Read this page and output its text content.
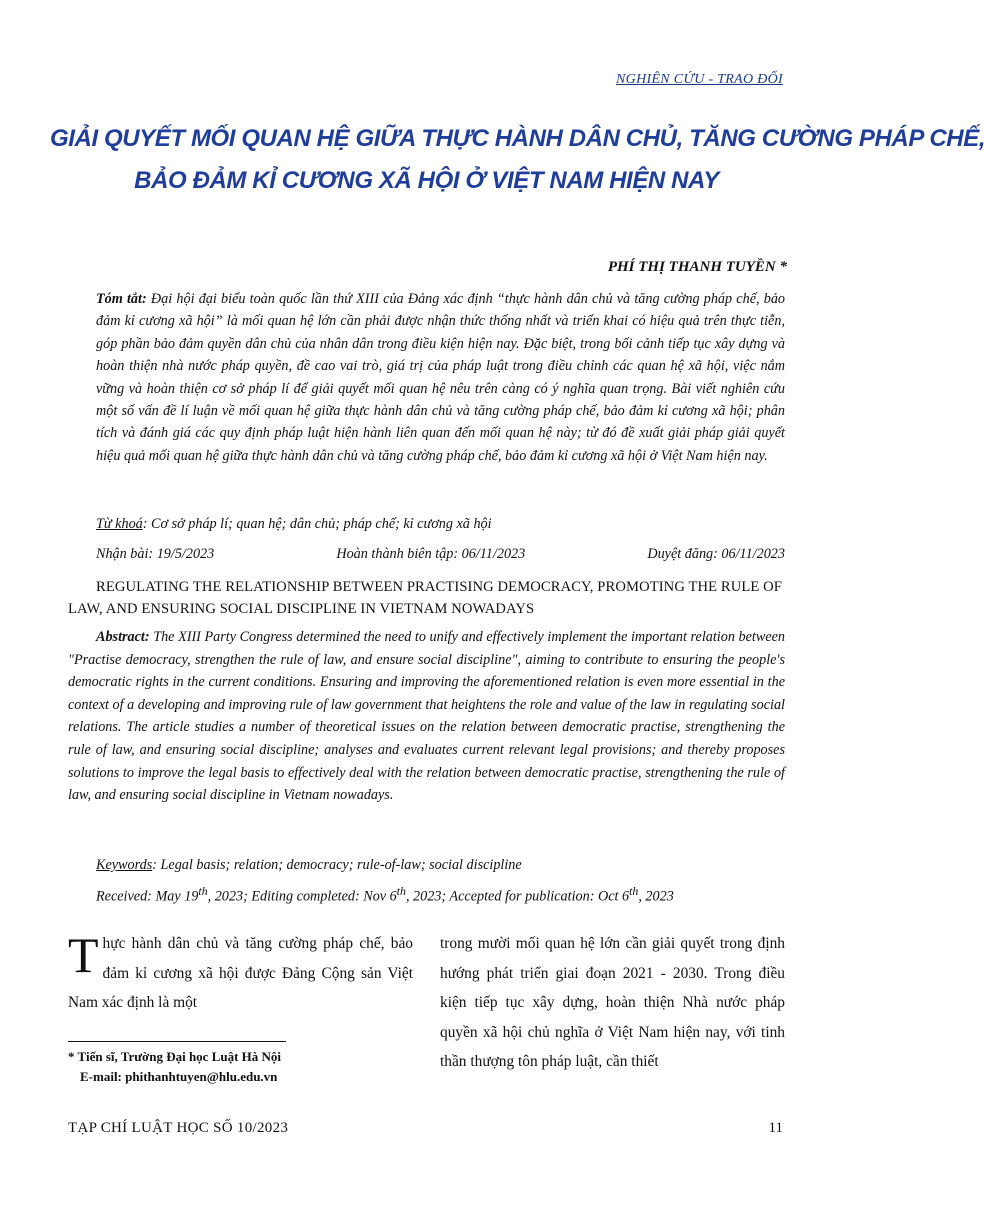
NGHIÊN CỨU - TRAO ĐỔI
GIẢI QUYẾT MỐI QUAN HỆ GIỮA THỰC HÀNH DÂN CHỦ, TĂNG CƯỜNG PHÁP CHẾ,
BẢO ĐẢM KỈ CƯƠNG XÃ HỘI Ở VIỆT NAM HIỆN NAY
PHÍ THỊ THANH TUYỀN *
Tóm tắt: Đại hội đại biểu toàn quốc lần thứ XIII của Đảng xác định “thực hành dân chủ và tăng cường pháp chế, bảo đảm kỉ cương xã hội” là mối quan hệ lớn cần phải được nhận thức thống nhất và triển khai có hiệu quả trên thực tiễn, góp phần bảo đảm quyền dân chủ của nhân dân trong điều kiện hiện nay. Đặc biệt, trong bối cảnh tiếp tục xây dựng và hoàn thiện nhà nước pháp quyền, đề cao vai trò, giá trị của pháp luật trong điều chỉnh các quan hệ xã hội, việc nắm vững và hoàn thiện cơ sở pháp lí để giải quyết mối quan hệ nêu trên càng có ý nghĩa quan trọng. Bài viết nghiên cứu một số vấn đề lí luận về mối quan hệ giữa thực hành dân chủ và tăng cường pháp chế, bảo đảm kỉ cương xã hội; phân tích và đánh giá các quy định pháp luật hiện hành liên quan đến mối quan hệ này; từ đó đề xuất giải pháp giải quyết hiệu quả mối quan hệ giữa thực hành dân chủ và tăng cường pháp chế, bảo đảm kỉ cương xã hội ở Việt Nam hiện nay.
Từ khoá: Cơ sở pháp lí; quan hệ; dân chủ; pháp chế; kỉ cương xã hội
Nhận bài: 19/5/2023	Hoàn thành biên tập: 06/11/2023	Duyệt đăng: 06/11/2023
REGULATING THE RELATIONSHIP BETWEEN PRACTISING DEMOCRACY, PROMOTING THE RULE OF LAW, AND ENSURING SOCIAL DISCIPLINE IN VIETNAM NOWADAYS
Abstract: The XIII Party Congress determined the need to unify and effectively implement the important relation between "Practise democracy, strengthen the rule of law, and ensure social discipline", aiming to contribute to ensuring the people's democratic rights in the current conditions. Ensuring and improving the aforementioned relation is even more essential in the context of a developing and improving rule of law government that heightens the role and value of the law in regulating social relations. The article studies a number of theoretical issues on the relation between democratic practise, strengthening the rule of law, and ensuring social discipline; analyses and evaluates current relevant legal provisions; and thereby proposes solutions to improve the legal basis to effectively deal with the relation between democratic practise, strengthening the rule of law, and ensuring social discipline in Vietnam nowadays.
Keywords: Legal basis; relation; democracy; rule-of-law; social discipline
Received: May 19th, 2023; Editing completed: Nov 6th, 2023; Accepted for publication: Oct 6th, 2023
Thực hành dân chủ và tăng cường pháp chế, bảo đảm kỉ cương xã hội được Đảng Cộng sản Việt Nam xác định là một
trong mười mối quan hệ lớn cần giải quyết trong định hướng phát triển giai đoạn 2021 - 2030. Trong điều kiện tiếp tục xây dựng, hoàn thiện Nhà nước pháp quyền xã hội chủ nghĩa ở Việt Nam hiện nay, với tinh thần thượng tôn pháp luật, cần thiết
* Tiến sĩ, Trường Đại học Luật Hà Nội
E-mail: phithanhtuyen@hlu.edu.vn
TẠP CHÍ LUẬT HỌC SỐ 10/2023	11
